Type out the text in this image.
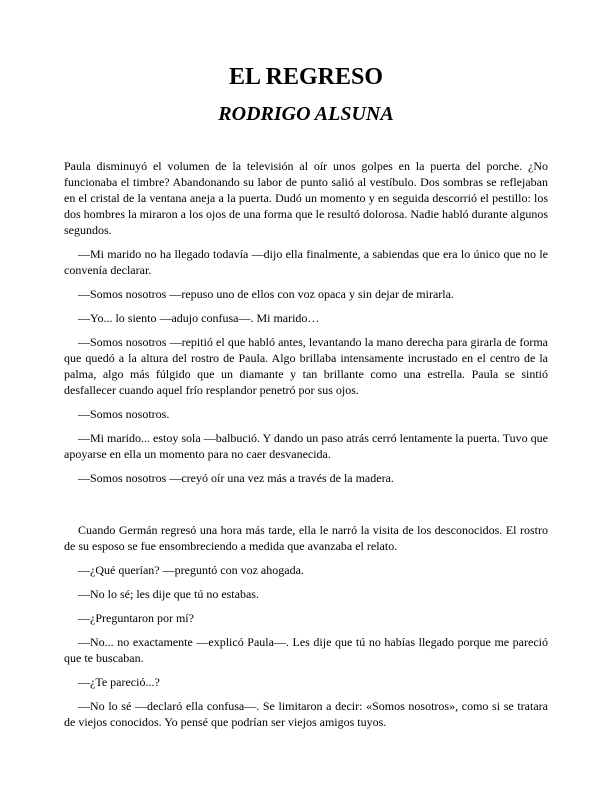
EL REGRESO
RODRIGO ALSUNA

Paula disminuyó el volumen de la televisión al oír unos golpes en la puerta del porche. ¿No funcionaba el timbre? Abandonando su labor de punto salió al vestíbulo. Dos sombras se reflejaban en el cristal de la ventana aneja a la puerta. Dudó un momento y en seguida descorrió el pestillo: los dos hombres la miraron a los ojos de una forma que le resultó dolorosa. Nadie habló durante algunos segundos.

—Mi marido no ha llegado todavía —dijo ella finalmente, a sabiendas que era lo único que no le convenía declarar.

—Somos nosotros —repuso uno de ellos con voz opaca y sin dejar de mirarla.

—Yo... lo siento —adujo confusa—. Mi marido…

—Somos nosotros —repitió el que habló antes, levantando la mano derecha para girarla de forma que quedó a la altura del rostro de Paula. Algo brillaba intensamente incrustado en el centro de la palma, algo más fúlgido que un diamante y tan brillante como una estrella. Paula se sintió desfallecer cuando aquel frío resplandor penetró por sus ojos.

—Somos nosotros.

—Mi marido... estoy sola —balbució. Y dando un paso atrás cerró lentamente la puerta. Tuvo que apoyarse en ella un momento para no caer desvanecida.

—Somos nosotros —creyó oír una vez más a través de la madera.

Cuando Germán regresó una hora más tarde, ella le narró la visita de los desconocidos. El rostro de su esposo se fue ensombreciendo a medida que avanzaba el relato.

—¿Qué querían? —preguntó con voz ahogada.

—No lo sé; les dije que tú no estabas.

—¿Preguntaron por mí?

—No... no exactamente —explicó Paula—. Les dije que tú no habías llegado porque me pareció que te buscaban.

—¿Te pareció...?

—No lo sé —declaró ella confusa—. Se limitaron a decir: «Somos nosotros», como si se tratara de viejos conocidos. Yo pensé que podrían ser viejos amigos tuyos.
